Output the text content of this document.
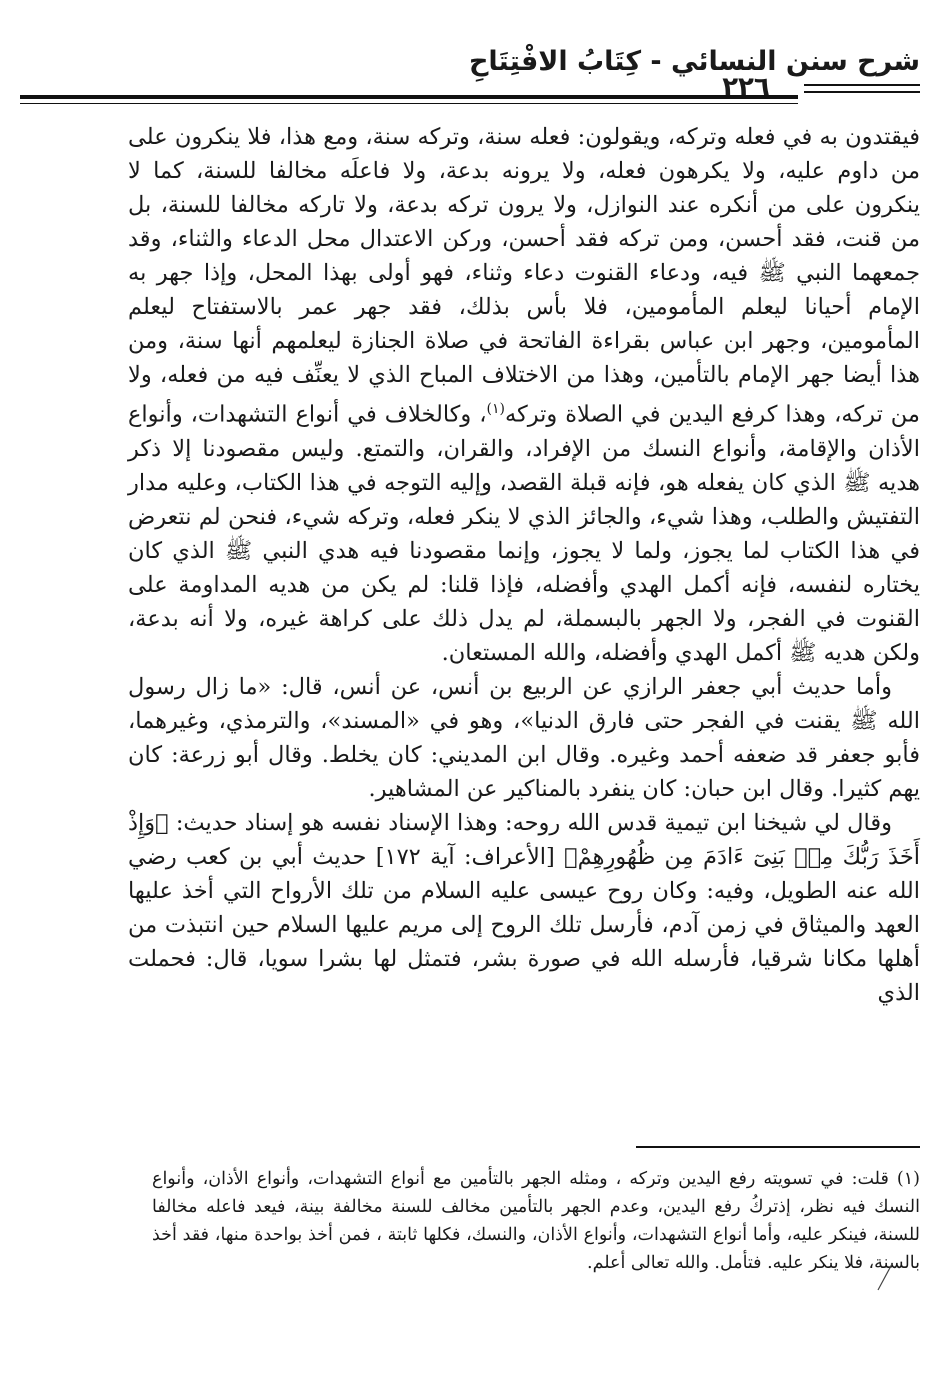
شرح سنن النسائي - كِتَابُ الافْتِتَاحِ
٢٢٦

فيقتدون به في فعله وتركه، ويقولون: فعله سنة، وتركه سنة، ومع هذا، فلا ينكرون على من داوم عليه، ولا يكرهون فعله، ولا يرونه بدعة، ولا فاعلَه مخالفا للسنة، كما لا ينكرون على من أنكره عند النوازل، ولا يرون تركه بدعة، ولا تاركه مخالفا للسنة، بل من قنت، فقد أحسن، ومن تركه فقد أحسن، وركن الاعتدال محل الدعاء والثناء، وقد جمعهما النبي ﷺ فيه، ودعاء القنوت دعاء وثناء، فهو أولى بهذا المحل، وإذا جهر به الإمام أحيانا ليعلم المأمومين، فلا بأس بذلك، فقد جهر عمر بالاستفتاح ليعلم المأمومين، وجهر ابن عباس بقراءة الفاتحة في صلاة الجنازة ليعلمهم أنها سنة، ومن هذا أيضا جهر الإمام بالتأمين، وهذا من الاختلاف المباح الذي لا يعنِّف فيه من فعله، ولا من تركه، وهذا كرفع اليدين في الصلاة وتركه$^{(١)}$، وكالخلاف في أنواع التشهدات، وأنواع الأذان والإقامة، وأنواع النسك من الإفراد، والقران، والتمتع. وليس مقصودنا إلا ذكر هديه ﷺ الذي كان يفعله هو، فإنه قبلة القصد، وإليه التوجه في هذا الكتاب، وعليه مدار التفتيش والطلب، وهذا شيء، والجائز الذي لا ينكر فعله، وتركه شيء، فنحن لم نتعرض في هذا الكتاب لما يجوز، ولما لا يجوز، وإنما مقصودنا فيه هدي النبي ﷺ الذي كان يختاره لنفسه، فإنه أكمل الهدي وأفضله، فإذا قلنا: لم يكن من هديه المداومة على القنوت في الفجر، ولا الجهر بالبسملة، لم يدل ذلك على كراهة غيره، ولا أنه بدعة، ولكن هديه ﷺ أكمل الهدي وأفضله، والله المستعان.

وأما حديث أبي جعفر الرازي عن الربيع بن أنس، عن أنس، قال: «ما زال رسول الله ﷺ يقنت في الفجر حتى فارق الدنيا»، وهو في «المسند»، والترمذي، وغيرهما، فأبو جعفر قد ضعفه أحمد وغيره. وقال ابن المديني: كان يخلط. وقال أبو زرعة: كان يهم كثيرا. وقال ابن حبان: كان ينفرد بالمناكير عن المشاهير.

وقال لي شيخنا ابن تيمية قدس الله روحه: وهذا الإسناد نفسه هو إسناد حديث: ﴿وَإِذْ أَخَذَ رَبُّكَ مِنۢ بَنِىٓ ءَادَمَ مِن ظُهُورِهِمْ﴾ [الأعراف: آية ١٧٢] حديث أبي بن كعب رضي الله عنه الطويل، وفيه: وكان روح عيسى عليه السلام من تلك الأرواح التي أخذ عليها العهد والميثاق في زمن آدم، فأرسل تلك الروح إلى مريم عليها السلام حين انتبذت من أهلها مكانا شرقيا، فأرسله الله في صورة بشر، فتمثل لها بشرا سويا، قال: فحملت الذي

(١) قلت: في تسويته رفع اليدين وتركه ، ومثله الجهر بالتأمين مع أنواع التشهدات، وأنواع الأذان، وأنواع النسك فيه نظر، إذتركُ رفع اليدين، وعدم الجهر بالتأمين مخالف للسنة مخالفة بينة، فيعد فاعله مخالفا للسنة، فينكر عليه، وأما أنواع التشهدات، وأنواع الأذان، والنسك، فكلها ثابتة ، فمن أخذ بواحدة منها، فقد أخذ بالسنة، فلا ينكر عليه. فتأمل. والله تعالى أعلم.
